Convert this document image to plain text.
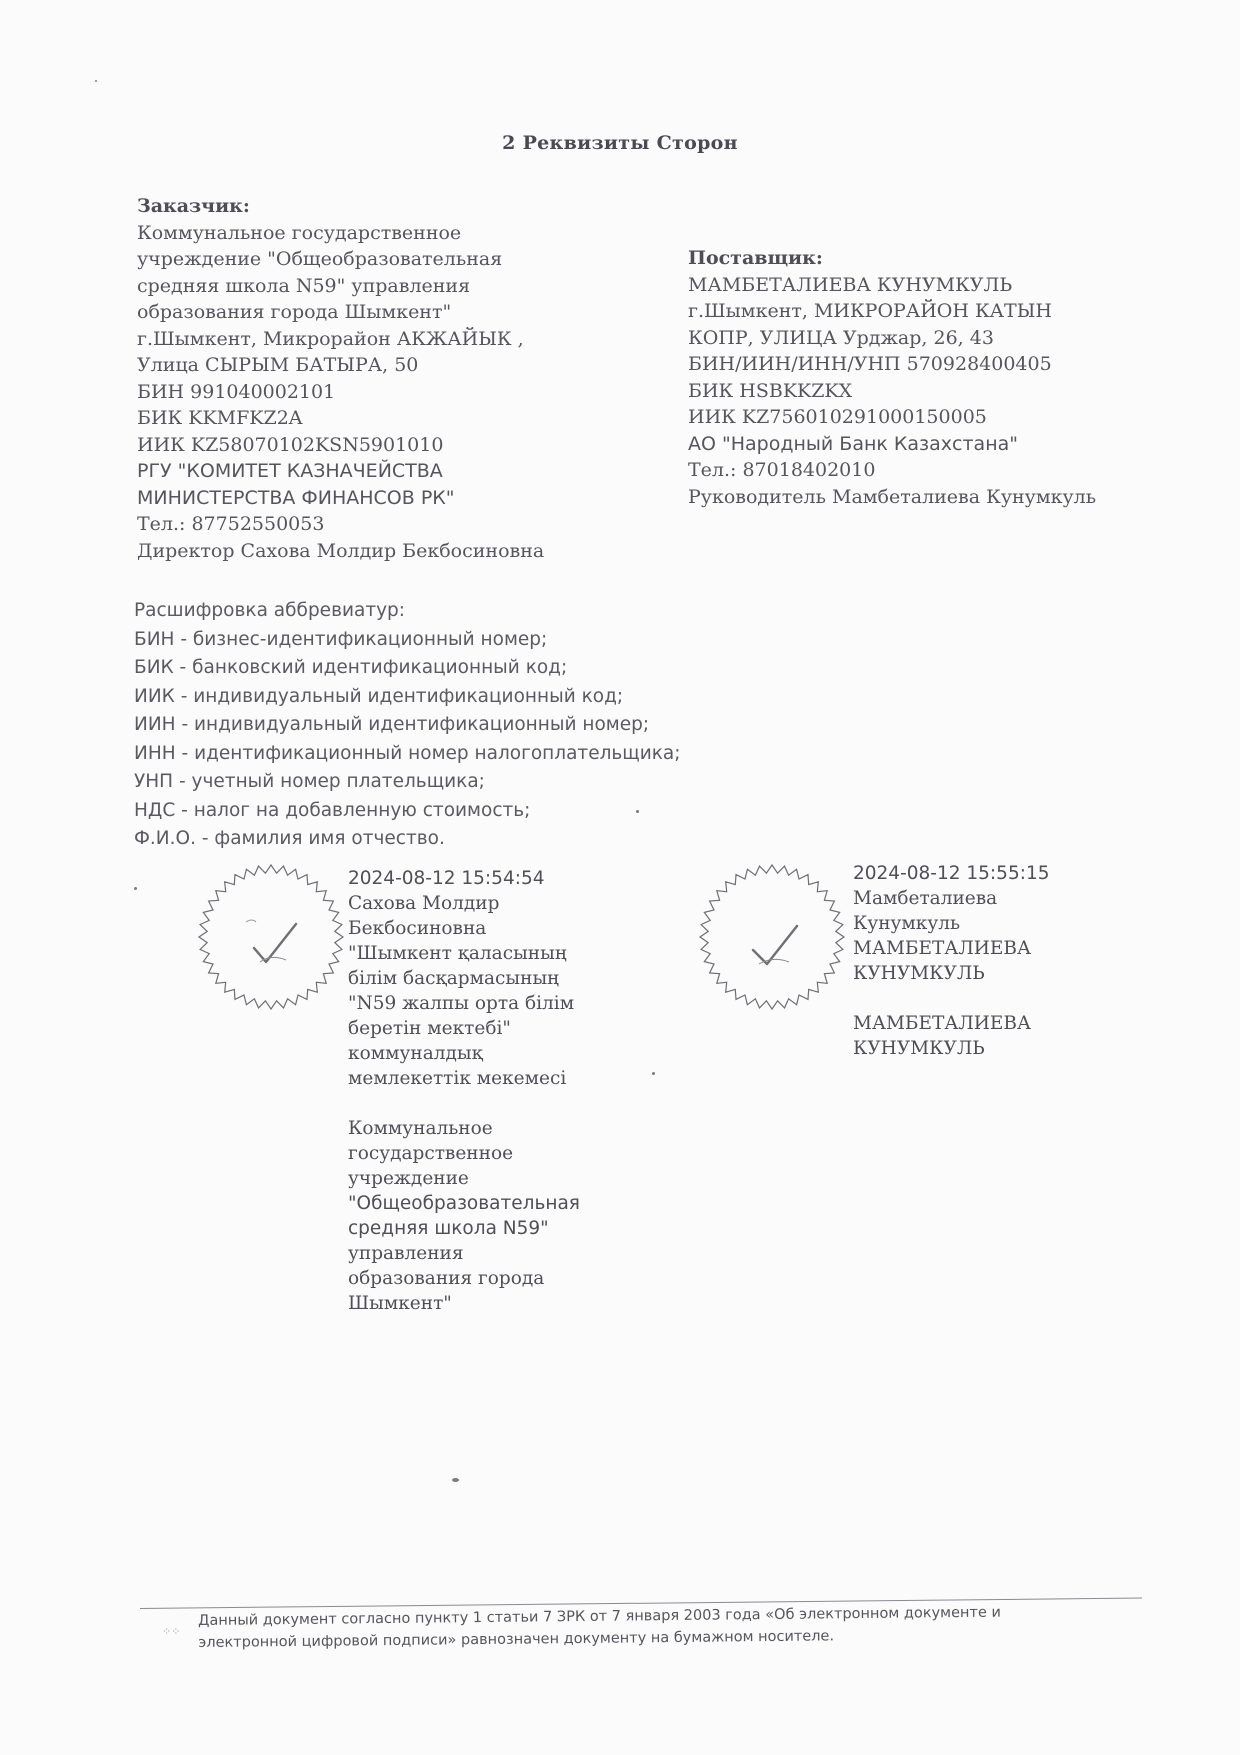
2 Реквизиты Сторон
Заказчик:
Коммунальное государственное
учреждение "Общеобразовательная
средняя школа N59" управления
образования города Шымкент"
г.Шымкент, Микрорайон АКЖАЙЫК ,
Улица СЫРЫМ БАТЫРА, 50
БИН 991040002101
БИК KKMFKZ2A
ИИК KZ58070102KSN5901010
РГУ "КОМИТЕТ КАЗНАЧЕЙСТВА
МИНИСТЕРСТВА ФИНАНСОВ РК"
Тел.: 87752550053
Директор Сахова Молдир Бекбосиновна
Поставщик:
МАМБЕТАЛИЕВА КУНУМКУЛЬ
г.Шымкент, МИКРОРАЙОН КАТЫН
КОПР, УЛИЦА Урджар, 26, 43
БИН/ИИН/ИНН/УНП 570928400405
БИК HSBKKZKX
ИИК KZ756010291000150005
АО "Народный Банк Казахстана"
Тел.: 87018402010
Руководитель Мамбеталиева Кунумкуль
Расшифровка аббревиатур:
БИН - бизнес-идентификационный номер;
БИК - банковский идентификационный код;
ИИК - индивидуальный идентификационный код;
ИИН - индивидуальный идентификационный номер;
ИНН - идентификационный номер налогоплательщика;
УНП - учетный номер плательщика;
НДС - налог на добавленную стоимость;
Ф.И.О. - фамилия имя отчество.
2024-08-12 15:54:54
Сахова Молдир
Бекбосиновна
"Шымкент қаласының
білім басқармасының
"N59 жалпы орта білім
беретін мектебі"
коммуналдық
мемлекеттік мекемесі
Коммунальное
государственное
учреждение
"Общеобразовательная
средняя школа N59"
управления
образования города
Шымкент"
2024-08-12 15:55:15
Мамбеталиева
Кунумкуль
МАМБЕТАЛИЕВА
КУНУМКУЛЬ
МАМБЕТАЛИЕВА
КУНУМКУЛЬ
⁘⁘
Данный документ согласно пункту 1 статьи 7 ЗРК от 7 января 2003 года «Об электронном документе и
электронной цифровой подписи» равнозначен документу на бумажном носителе.
